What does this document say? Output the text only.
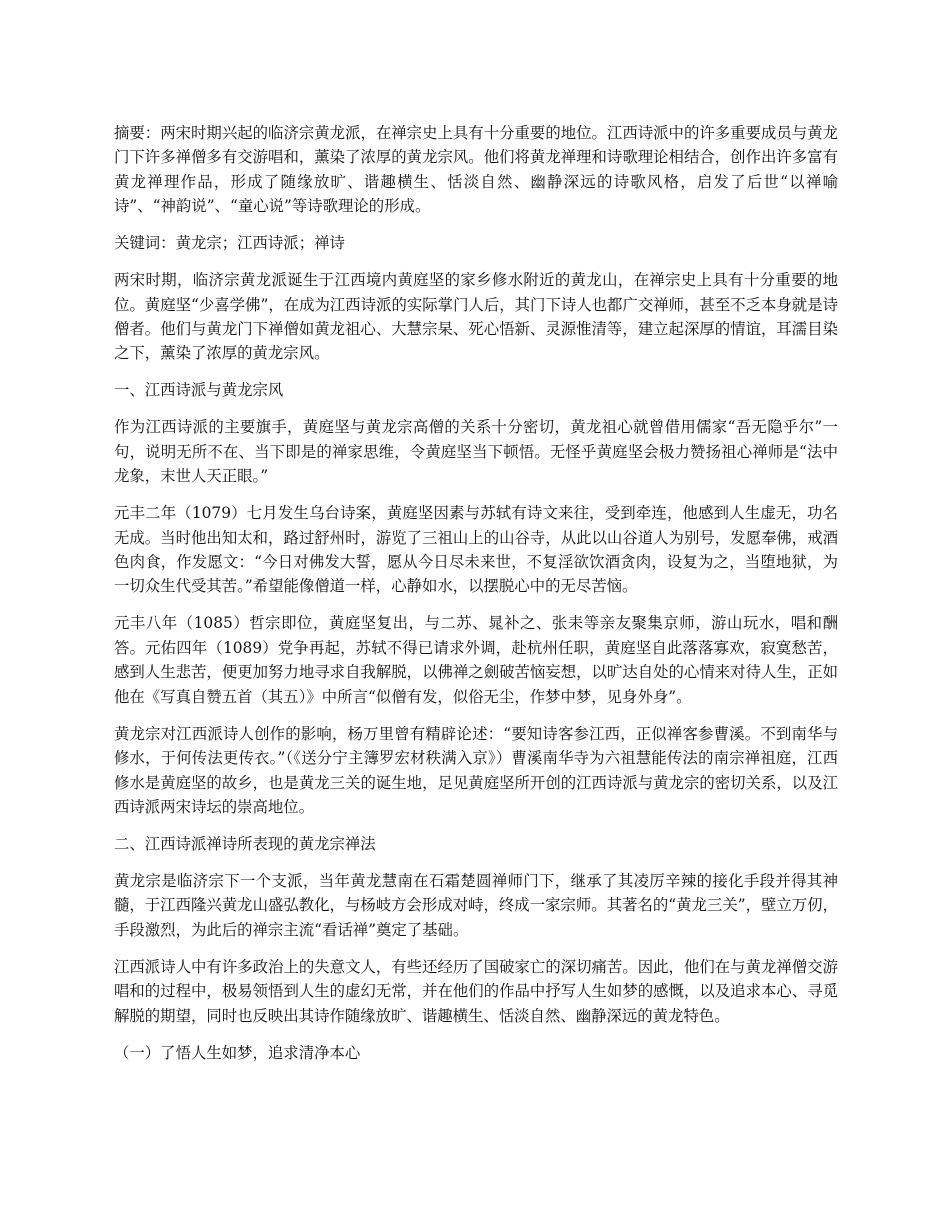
摘要：两宋时期兴起的临济宗黄龙派，在禅宗史上具有十分重要的地位。江西诗派中的许多重要成员与黄龙门下许多禅僧多有交游唱和，薰染了浓厚的黄龙宗风。他们将黄龙禅理和诗歌理论相结合，创作出许多富有黄龙禅理作品，形成了随缘放旷、谐趣横生、恬淡自然、幽静深远的诗歌风格，启发了后世“以禅喻诗”、“神韵说”、“童心说”等诗歌理论的形成。

关键词：黄龙宗；江西诗派；禅诗

两宋时期，临济宗黄龙派诞生于江西境内黄庭坚的家乡修水附近的黄龙山，在禅宗史上具有十分重要的地位。黄庭坚“少喜学佛”，在成为江西诗派的实际掌门人后，其门下诗人也都广交禅师，甚至不乏本身就是诗僧者。他们与黄龙门下禅僧如黄龙祖心、大慧宗杲、死心悟新、灵源惟清等，建立起深厚的情谊，耳濡目染之下，薰染了浓厚的黄龙宗风。

一、江西诗派与黄龙宗风

作为江西诗派的主要旗手，黄庭坚与黄龙宗高僧的关系十分密切，黄龙祖心就曾借用儒家“吾无隐乎尔”一句，说明无所不在、当下即是的禅家思维，令黄庭坚当下顿悟。无怪乎黄庭坚会极力赞扬祖心禅师是“法中龙象，末世人天正眼。”

元丰二年（1079）七月发生乌台诗案，黄庭坚因素与苏轼有诗文来往，受到牵连，他感到人生虚无，功名无成。当时他出知太和，路过舒州时，游览了三祖山上的山谷寺，从此以山谷道人为别号，发愿奉佛，戒酒色肉食，作发愿文：“今日对佛发大誓，愿从今日尽未来世，不复淫欲饮酒贪肉，设复为之，当堕地狱，为一切众生代受其苦。”希望能像僧道一样，心静如水，以摆脱心中的无尽苦恼。

元丰八年（1085）哲宗即位，黄庭坚复出，与二苏、晁补之、张耒等亲友聚集京师，游山玩水，唱和酬答。元佑四年（1089）党争再起，苏轼不得已请求外调，赴杭州任职，黄庭坚自此落落寡欢，寂寞愁苦，感到人生悲苦，便更加努力地寻求自我解脱，以佛禅之劍破苦恼妄想，以旷达自处的心情来对待人生，正如他在《写真自赞五首（其五）》中所言“似僧有发，似俗无尘，作梦中梦，见身外身”。

黄龙宗对江西派诗人创作的影响，杨万里曾有精辟论述：“要知诗客参江西，正似禅客参曹溪。不到南华与修水，于何传法更传衣。”（《送分宁主簿罗宏材秩满入京》）曹溪南华寺为六祖慧能传法的南宗禅祖庭，江西修水是黄庭坚的故乡，也是黄龙三关的诞生地，足见黄庭坚所开创的江西诗派与黄龙宗的密切关系，以及江西诗派两宋诗坛的崇高地位。

二、江西诗派禅诗所表现的黄龙宗禅法

黄龙宗是临济宗下一个支派，当年黄龙慧南在石霜楚圆禅师门下，继承了其凌厉辛辣的接化手段并得其神髓，于江西隆兴黄龙山盛弘教化，与杨岐方会形成对峙，终成一家宗师。其著名的“黄龙三关”，壁立万仞，手段激烈，为此后的禅宗主流“看话禅”奠定了基础。

江西派诗人中有许多政治上的失意文人，有些还经历了国破家亡的深切痛苦。因此，他们在与黄龙禅僧交游唱和的过程中，极易领悟到人生的虚幻无常，并在他们的作品中抒写人生如梦的感慨，以及追求本心、寻觅解脱的期望，同时也反映出其诗作随缘放旷、谐趣横生、恬淡自然、幽静深远的黄龙特色。

（一）了悟人生如梦，追求清净本心
